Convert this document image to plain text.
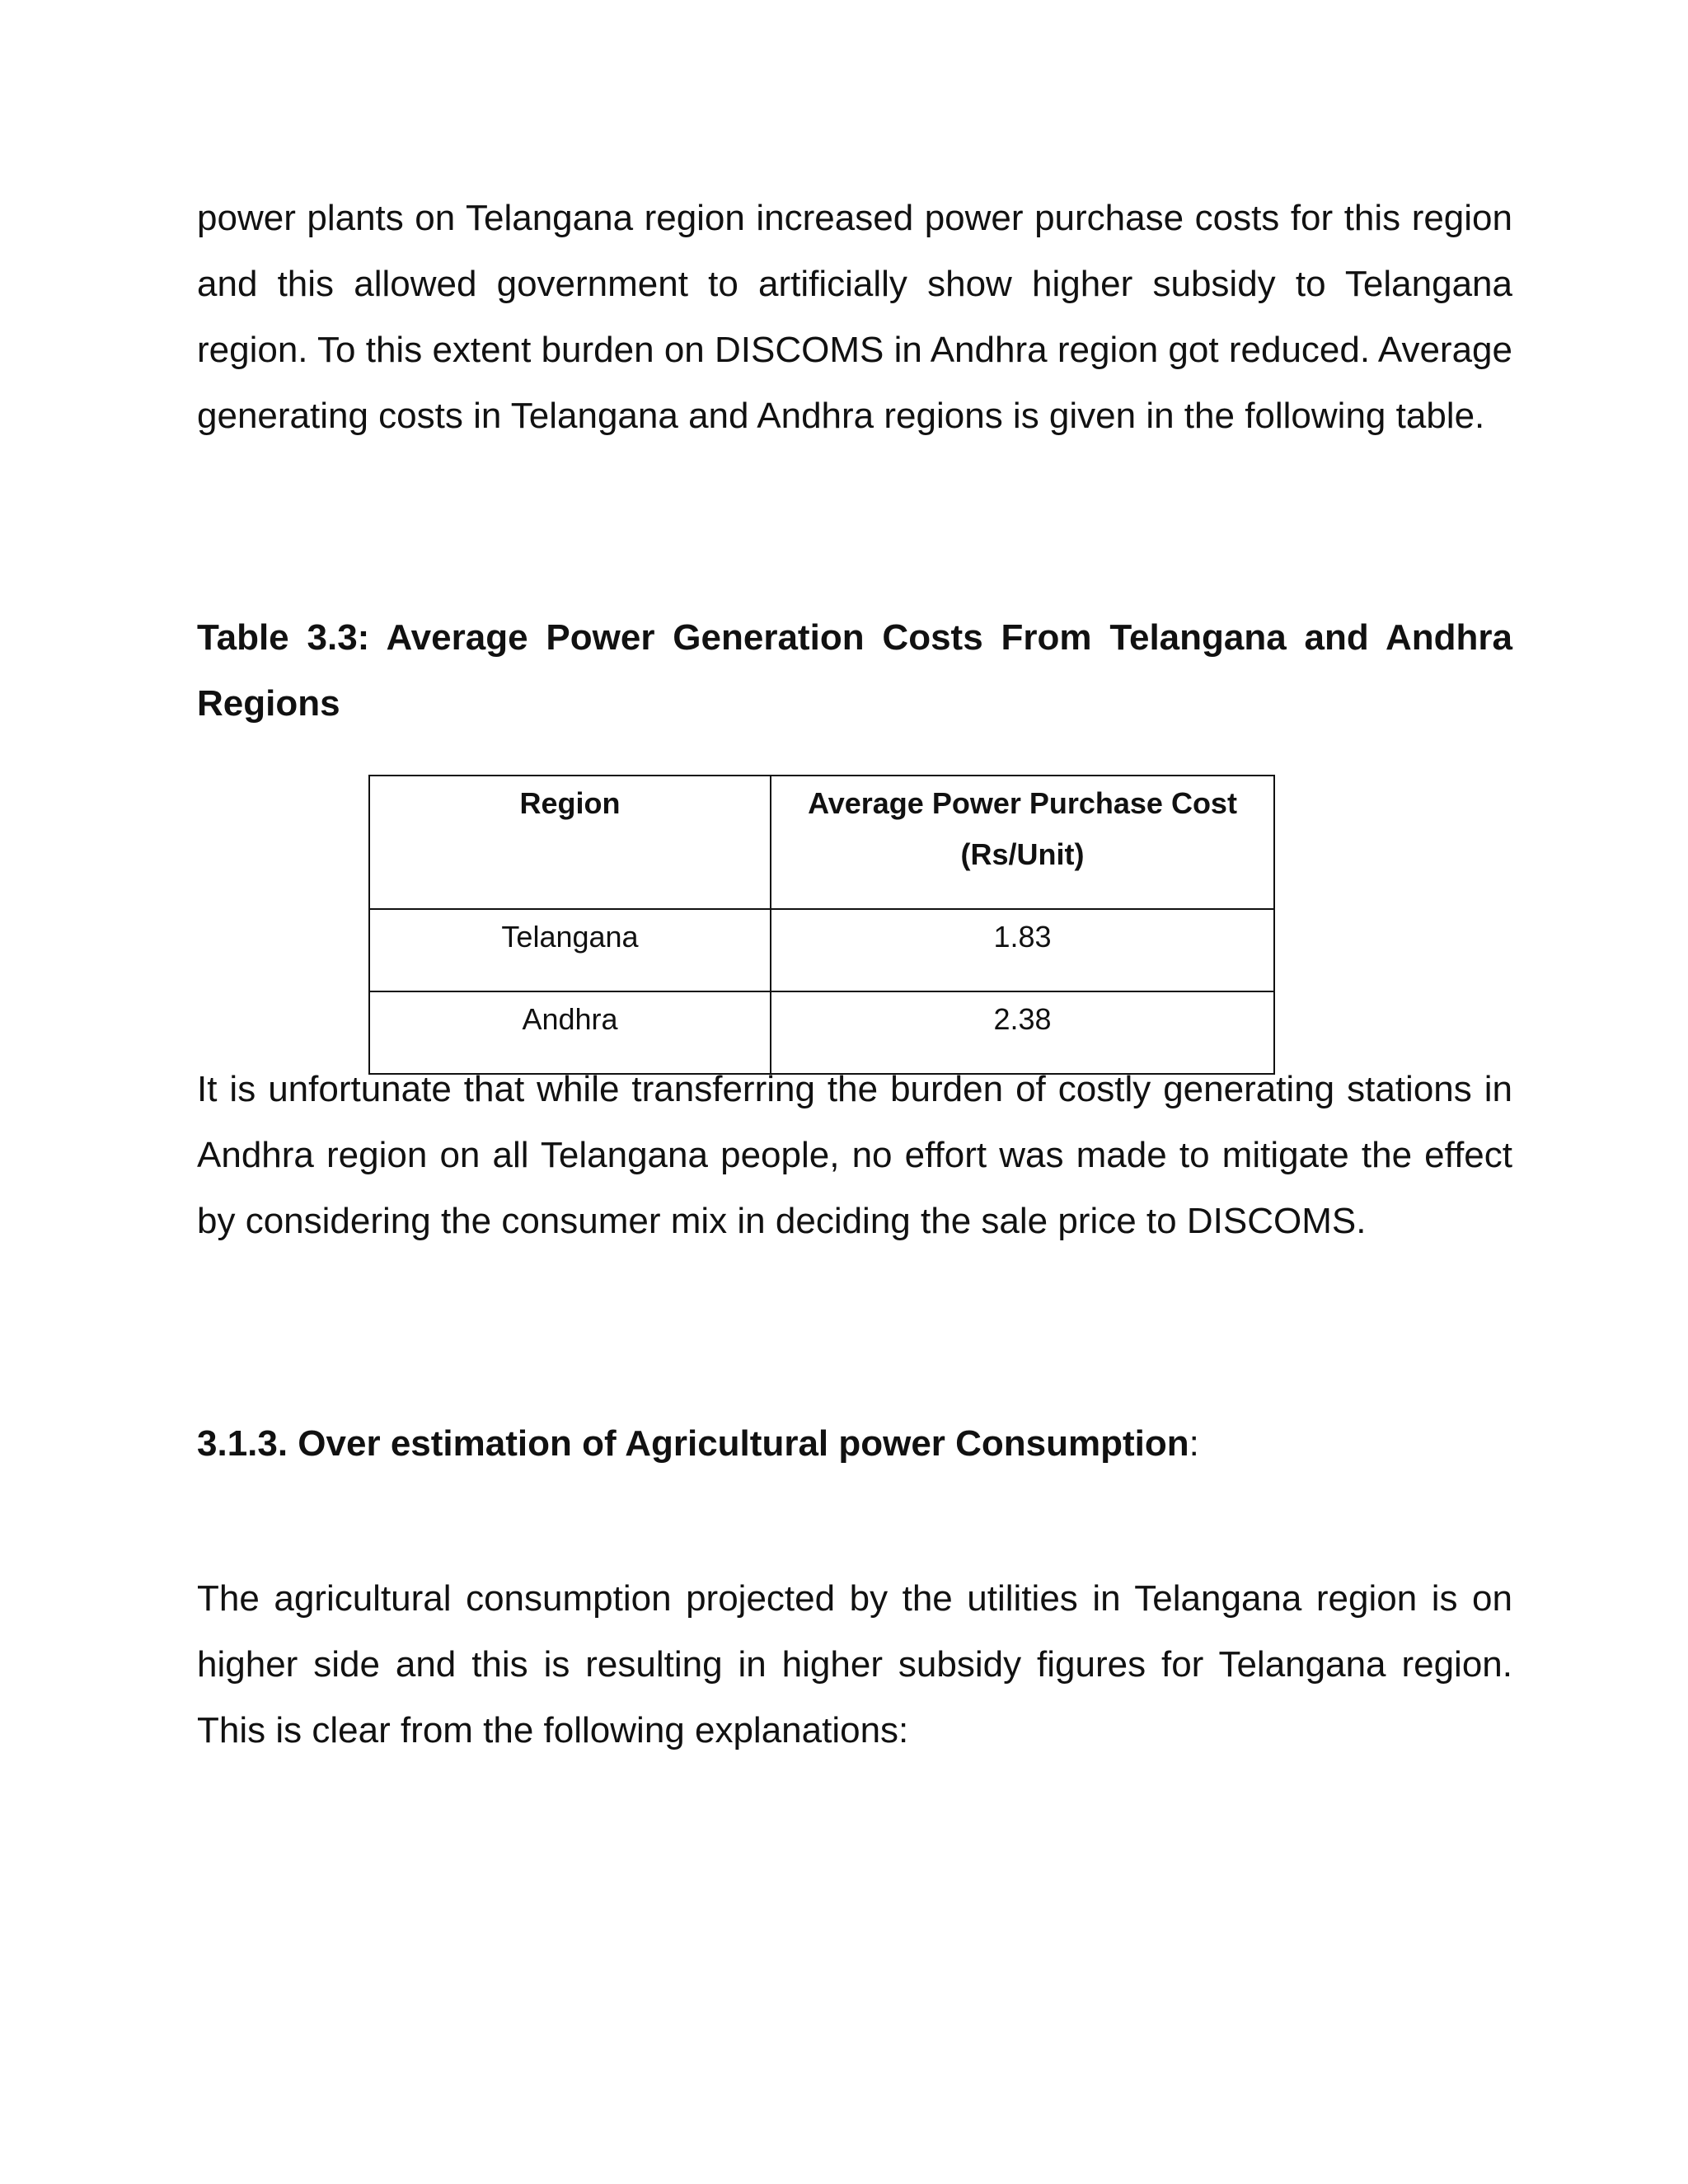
power plants on Telangana region increased power purchase costs for this region and this allowed government to artificially show higher subsidy to Telangana region. To this extent burden on DISCOMS in Andhra region got reduced. Average generating costs in Telangana and Andhra regions is given in the following table.

Table 3.3: Average Power Generation Costs From Telangana and Andhra Regions

Region	Average Power Purchase Cost
(Rs/Unit)

Telangana	1.83
Andhra	2.38

It is unfortunate that while transferring the burden of costly generating stations in Andhra region on all Telangana people, no effort was made to mitigate the effect by considering the consumer mix in deciding the sale price to DISCOMS.

3.1.3. Over estimation of Agricultural power Consumption:

The agricultural consumption projected by the utilities in Telangana region is on higher side and this is resulting in higher subsidy figures for Telangana region. This is clear from the following explanations:
